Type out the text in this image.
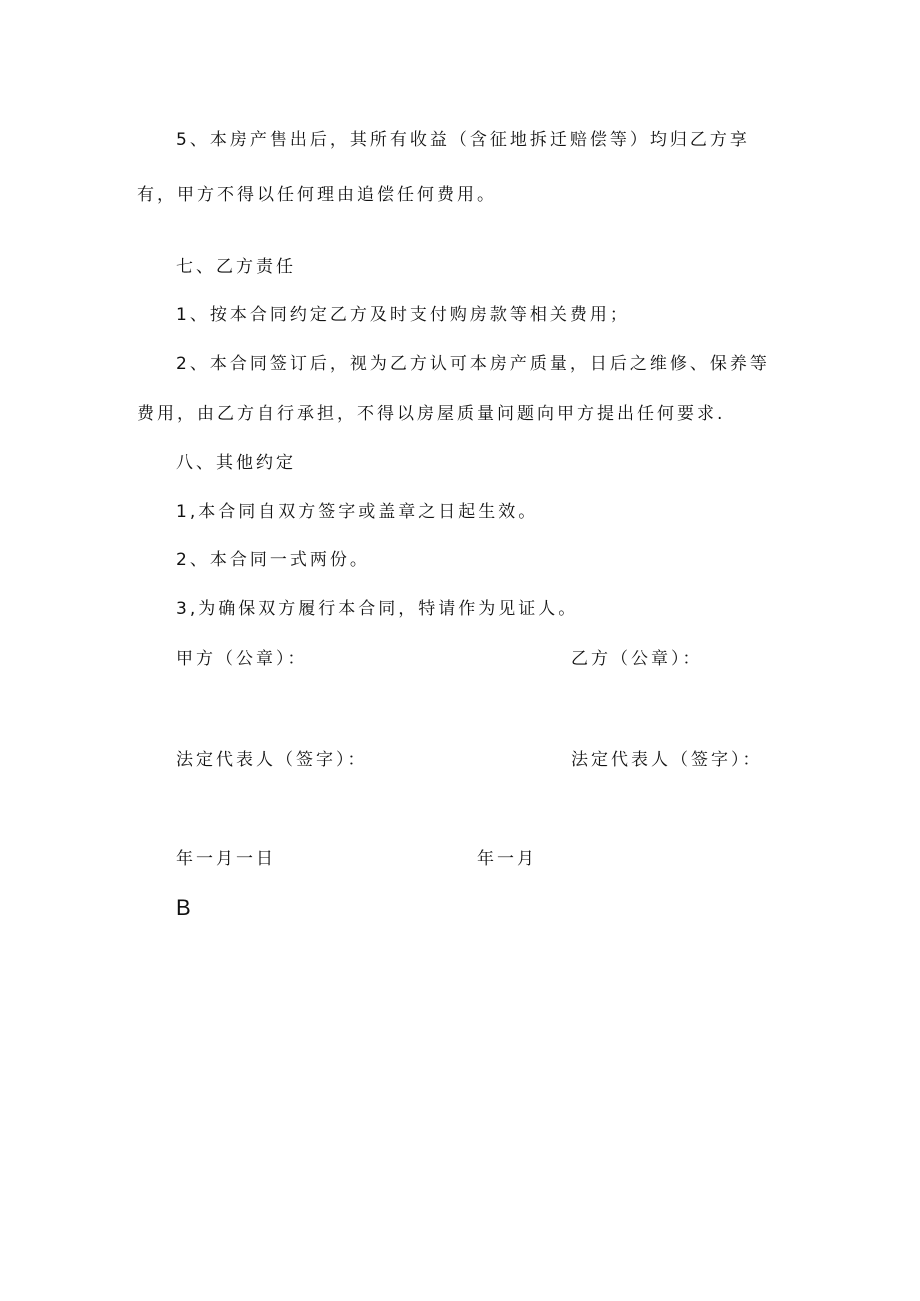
5、本房产售出后，其所有收益（含征地拆迁赔偿等）均归乙方享
有，甲方不得以任何理由追偿任何费用。
七、乙方责任
1、按本合同约定乙方及时支付购房款等相关费用；
2、本合同签订后，视为乙方认可本房产质量，日后之维修、保养等
费用，由乙方自行承担，不得以房屋质量问题向甲方提出任何要求.
八、其他约定
1,本合同自双方签字或盖章之日起生效。
2、本合同一式两份。
3,为确保双方履行本合同，特请作为见证人。
甲方（公章）：	乙方（公章）：
法定代表人（签字）：	法定代表人（签字）：
年一月一日	年一月
B
